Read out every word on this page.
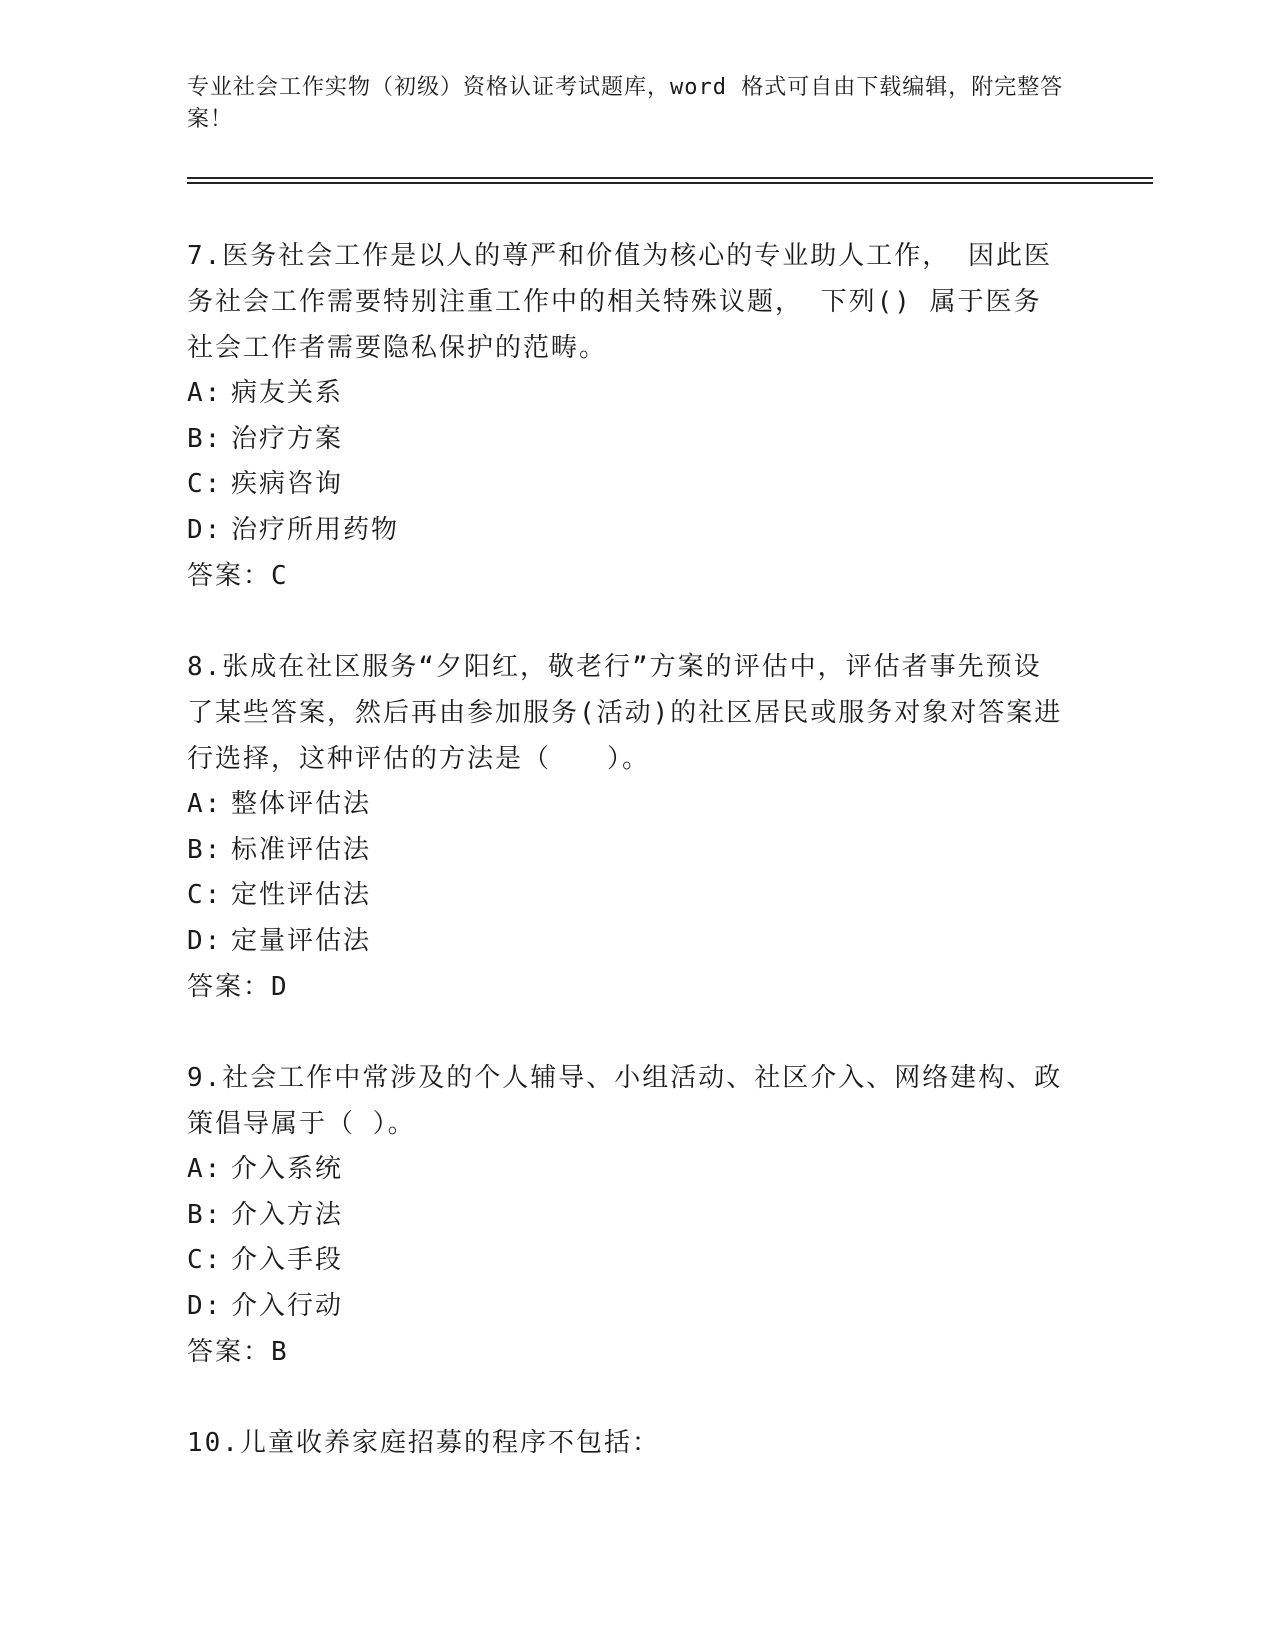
专业社会工作实物（初级）资格认证考试题库，word 格式可自由下载编辑，附完整答案！

7.医务社会工作是以人的尊严和价值为核心的专业助人工作， 因此医务社会工作需要特别注重工作中的相关特殊议题， 下列() 属于医务社会工作者需要隐私保护的范畴。

A: 病友关系
B: 治疗方案
C: 疾病咨询
D: 治疗所用药物

答案：C

8.张成在社区服务“夕阳红，敬老行”方案的评估中，评估者事先预设了某些答案，然后再由参加服务(活动)的社区居民或服务对象对答案进行选择，这种评估的方法是（　　）。

A: 整体评估法
B: 标准评估法
C: 定性评估法
D: 定量评估法

答案：D

9.社会工作中常涉及的个人辅导、小组活动、社区介入、网络建构、政策倡导属于（ ）。

A: 介入系统
B: 介入方法
C: 介入手段
D: 介入行动

答案：B

10.儿童收养家庭招募的程序不包括：
